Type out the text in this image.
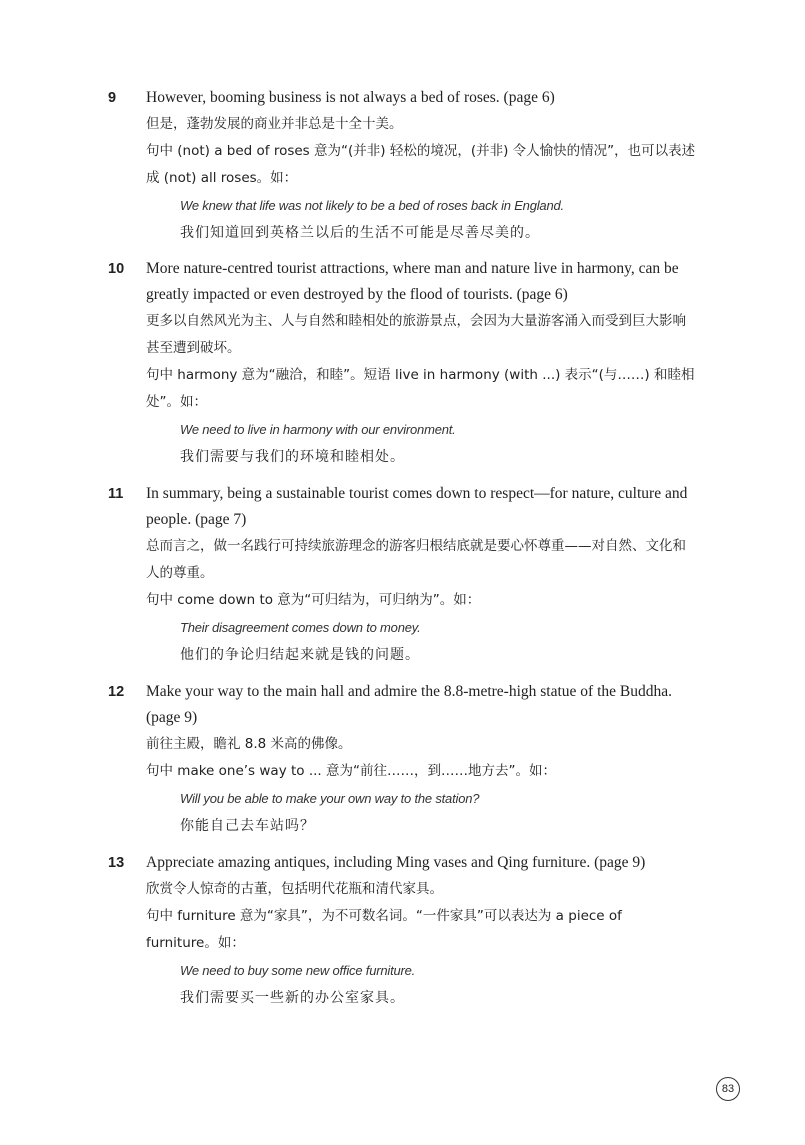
9	However, booming business is not always a bed of roses. (page 6)
但是，蓬勃发展的商业并非总是十全十美。
句中 (not) a bed of roses 意为“(并非) 轻松的境况，(并非) 令人愉快的情况”，也可以表述成 (not) all roses。如：
We knew that life was not likely to be a bed of roses back in England.
我们知道回到英格兰以后的生活不可能是尽善尽美的。
10	More nature-centred tourist attractions, where man and nature live in harmony, can be greatly impacted or even destroyed by the flood of tourists. (page 6)
更多以自然风光为主、人与自然和睦相处的旅游景点，会因为大量游客涌入而受到巨大影响甚至遭到破坏。
句中 harmony 意为“融洽，和睦”。短语 live in harmony (with ...) 表示“(与……) 和睦相处”。如：
We need to live in harmony with our environment.
我们需要与我们的环境和睦相处。
11	In summary, being a sustainable tourist comes down to respect—for nature, culture and people. (page 7)
总而言之，做一名践行可持续旅游理念的游客归根结底就是要心怀尊重——对自然、文化和人的尊重。
句中 come down to 意为“可归结为，可归纳为”。如：
Their disagreement comes down to money.
他们的争论归结起来就是钱的问题。
12	Make your way to the main hall and admire the 8.8-metre-high statue of the Buddha. (page 9)
前往主殿，瞻礼 8.8 米高的佛像。
句中 make one’s way to ... 意为“前往……，到……地方去”。如：
Will you be able to make your own way to the station?
你能自己去车站吗？
13	Appreciate amazing antiques, including Ming vases and Qing furniture. (page 9)
欣赏令人惊奇的古董，包括明代花瓶和清代家具。
句中 furniture 意为“家具”，为不可数名词。“一件家具”可以表达为 a piece of furniture。如：
We need to buy some new office furniture.
我们需要买一些新的办公室家具。
83
